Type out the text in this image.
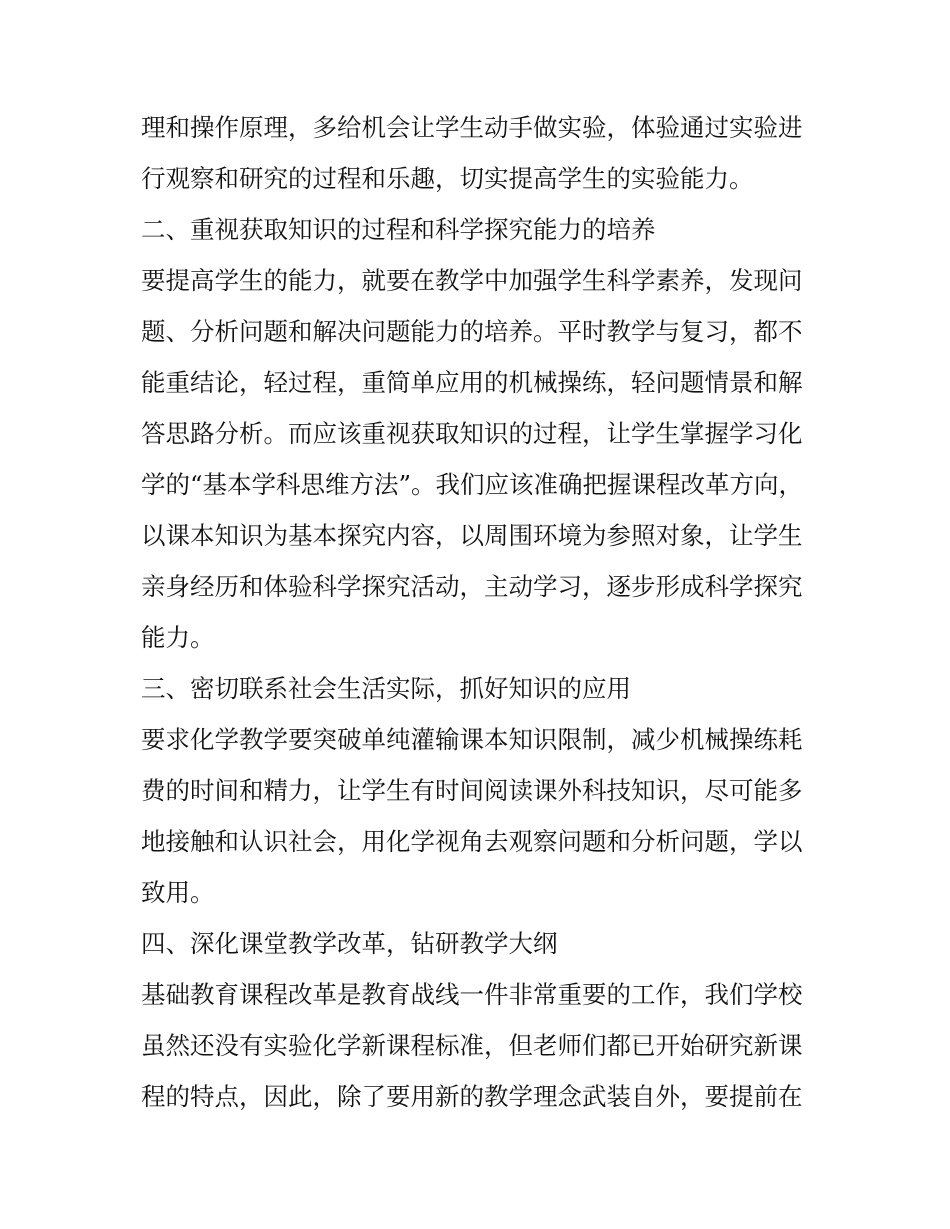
理和操作原理，多给机会让学生动手做实验，体验通过实验进
行观察和研究的过程和乐趣，切实提高学生的实验能力。
二、重视获取知识的过程和科学探究能力的培养
要提高学生的能力，就要在教学中加强学生科学素养，发现问
题、分析问题和解决问题能力的培养。平时教学与复习，都不
能重结论，轻过程，重简单应用的机械操练，轻问题情景和解
答思路分析。而应该重视获取知识的过程，让学生掌握学习化
学的“基本学科思维方法”。我们应该准确把握课程改革方向，
以课本知识为基本探究内容，以周围环境为参照对象，让学生
亲身经历和体验科学探究活动，主动学习，逐步形成科学探究
能力。
三、密切联系社会生活实际，抓好知识的应用
要求化学教学要突破单纯灌输课本知识限制，减少机械操练耗
费的时间和精力，让学生有时间阅读课外科技知识，尽可能多
地接触和认识社会，用化学视角去观察问题和分析问题，学以
致用。
四、深化课堂教学改革，钻研教学大纲
基础教育课程改革是教育战线一件非常重要的工作，我们学校
虽然还没有实验化学新课程标准，但老师们都已开始研究新课
程的特点，因此，除了要用新的教学理念武装自外，要提前在
